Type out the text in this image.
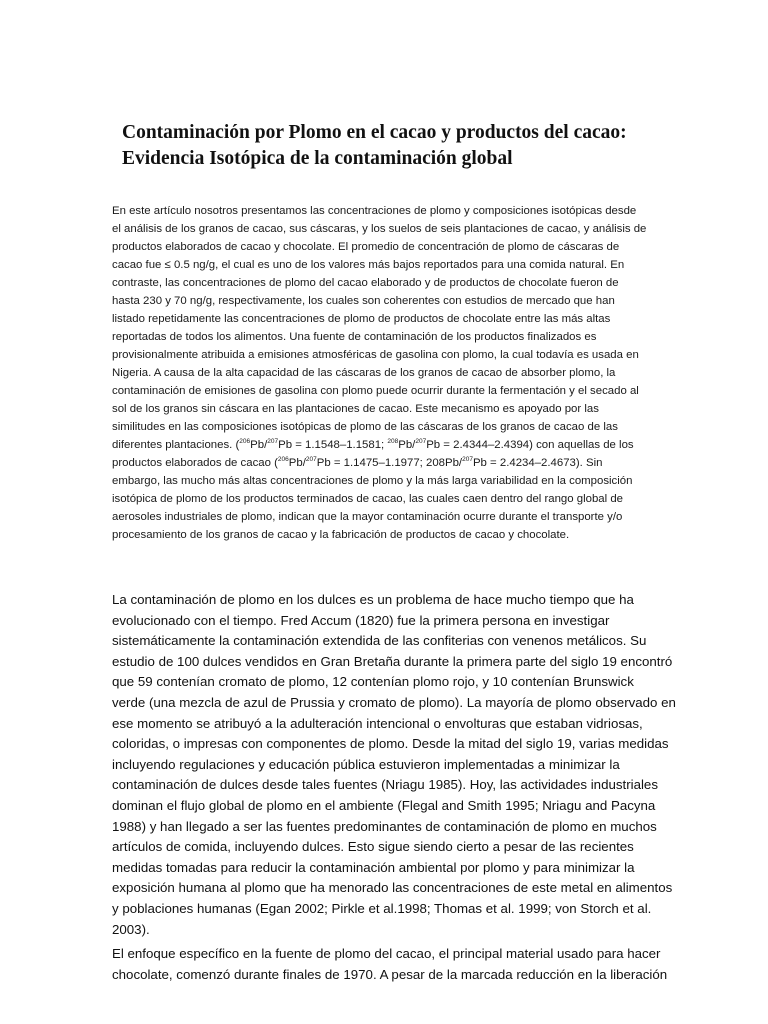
Contaminación por Plomo en el cacao y productos del cacao:
Evidencia Isotópica de la contaminación global
En este artículo nosotros presentamos las concentraciones de plomo y composiciones isotópicas desde
el análisis de los granos de cacao, sus cáscaras, y los suelos de seis plantaciones de cacao, y análisis de
productos elaborados de cacao y chocolate. El promedio de concentración de plomo de cáscaras de
cacao fue ≤ 0.5 ng/g, el cual es uno de los valores más bajos reportados para una comida natural. En
contraste, las concentraciones de plomo del cacao elaborado y de productos de chocolate fueron de
hasta 230 y 70 ng/g, respectivamente, los cuales son coherentes con estudios de mercado que han
listado repetidamente las concentraciones de plomo de productos de chocolate entre las más altas
reportadas de todos los alimentos. Una fuente de contaminación de los productos finalizados es
provisionalmente atribuida a emisiones atmosféricas de gasolina con plomo, la cual todavía es usada en
Nigeria. A causa de la alta capacidad de las cáscaras de los granos de cacao de absorber plomo, la
contaminación de emisiones de gasolina con plomo puede ocurrir durante la fermentación y el secado al
sol de los granos sin cáscara en las plantaciones de cacao. Este mecanismo es apoyado por las
similitudes en las composiciones isotópicas de plomo de las cáscaras de los granos de cacao de las
diferentes plantaciones. ($^{206}$Pb/$^{207}$Pb = 1.1548–1.1581; $^{208}$Pb/$^{207}$Pb = 2.4344–2.4394) con aquellas de los
productos elaborados de cacao ($^{206}$Pb/$^{207}$Pb = 1.1475–1.1977; 208Pb/$^{207}$Pb = 2.4234–2.4673). Sin
embargo, las mucho más altas concentraciones de plomo y la más larga variabilidad en la composición
isotópica de plomo de los productos terminados de cacao, las cuales caen dentro del rango global de
aerosoles industriales de plomo, indican que la mayor contaminación ocurre durante el transporte y/o
procesamiento de los granos de cacao y la fabricación de productos de cacao y chocolate.
La contaminación de plomo en los dulces es un problema de hace mucho tiempo que ha
evolucionado con el tiempo. Fred Accum (1820) fue la primera persona en investigar
sistemáticamente la contaminación extendida de las confiterias con venenos metálicos. Su
estudio de 100 dulces vendidos en Gran Bretaña durante la primera parte del siglo 19 encontró
que 59 contenían cromato de plomo, 12 contenían plomo rojo, y 10 contenían Brunswick
verde (una mezcla de azul de Prussia y cromato de plomo). La mayoría de plomo observado en
ese momento se atribuyó a la adulteración intencional o envolturas que estaban vidriosas,
coloridas, o impresas con componentes de plomo. Desde la mitad del siglo 19, varias medidas
incluyendo regulaciones y educación pública estuvieron implementadas a minimizar la
contaminación de dulces desde tales fuentes (Nriagu 1985). Hoy, las actividades industriales
dominan el flujo global de plomo en el ambiente (Flegal and Smith 1995; Nriagu and Pacyna
1988) y han llegado a ser las fuentes predominantes de contaminación de plomo en muchos
artículos de comida, incluyendo dulces. Esto sigue siendo cierto a pesar de las recientes
medidas tomadas para reducir la contaminación ambiental por plomo y para minimizar la
exposición humana al plomo que ha menorado las concentraciones de este metal en alimentos
y poblaciones humanas (Egan 2002; Pirkle et al.1998; Thomas et al. 1999; von Storch et al.
2003).
El enfoque específico en la fuente de plomo del cacao, el principal material usado para hacer
chocolate, comenzó durante finales de 1970. A pesar de la marcada reducción en la liberación
